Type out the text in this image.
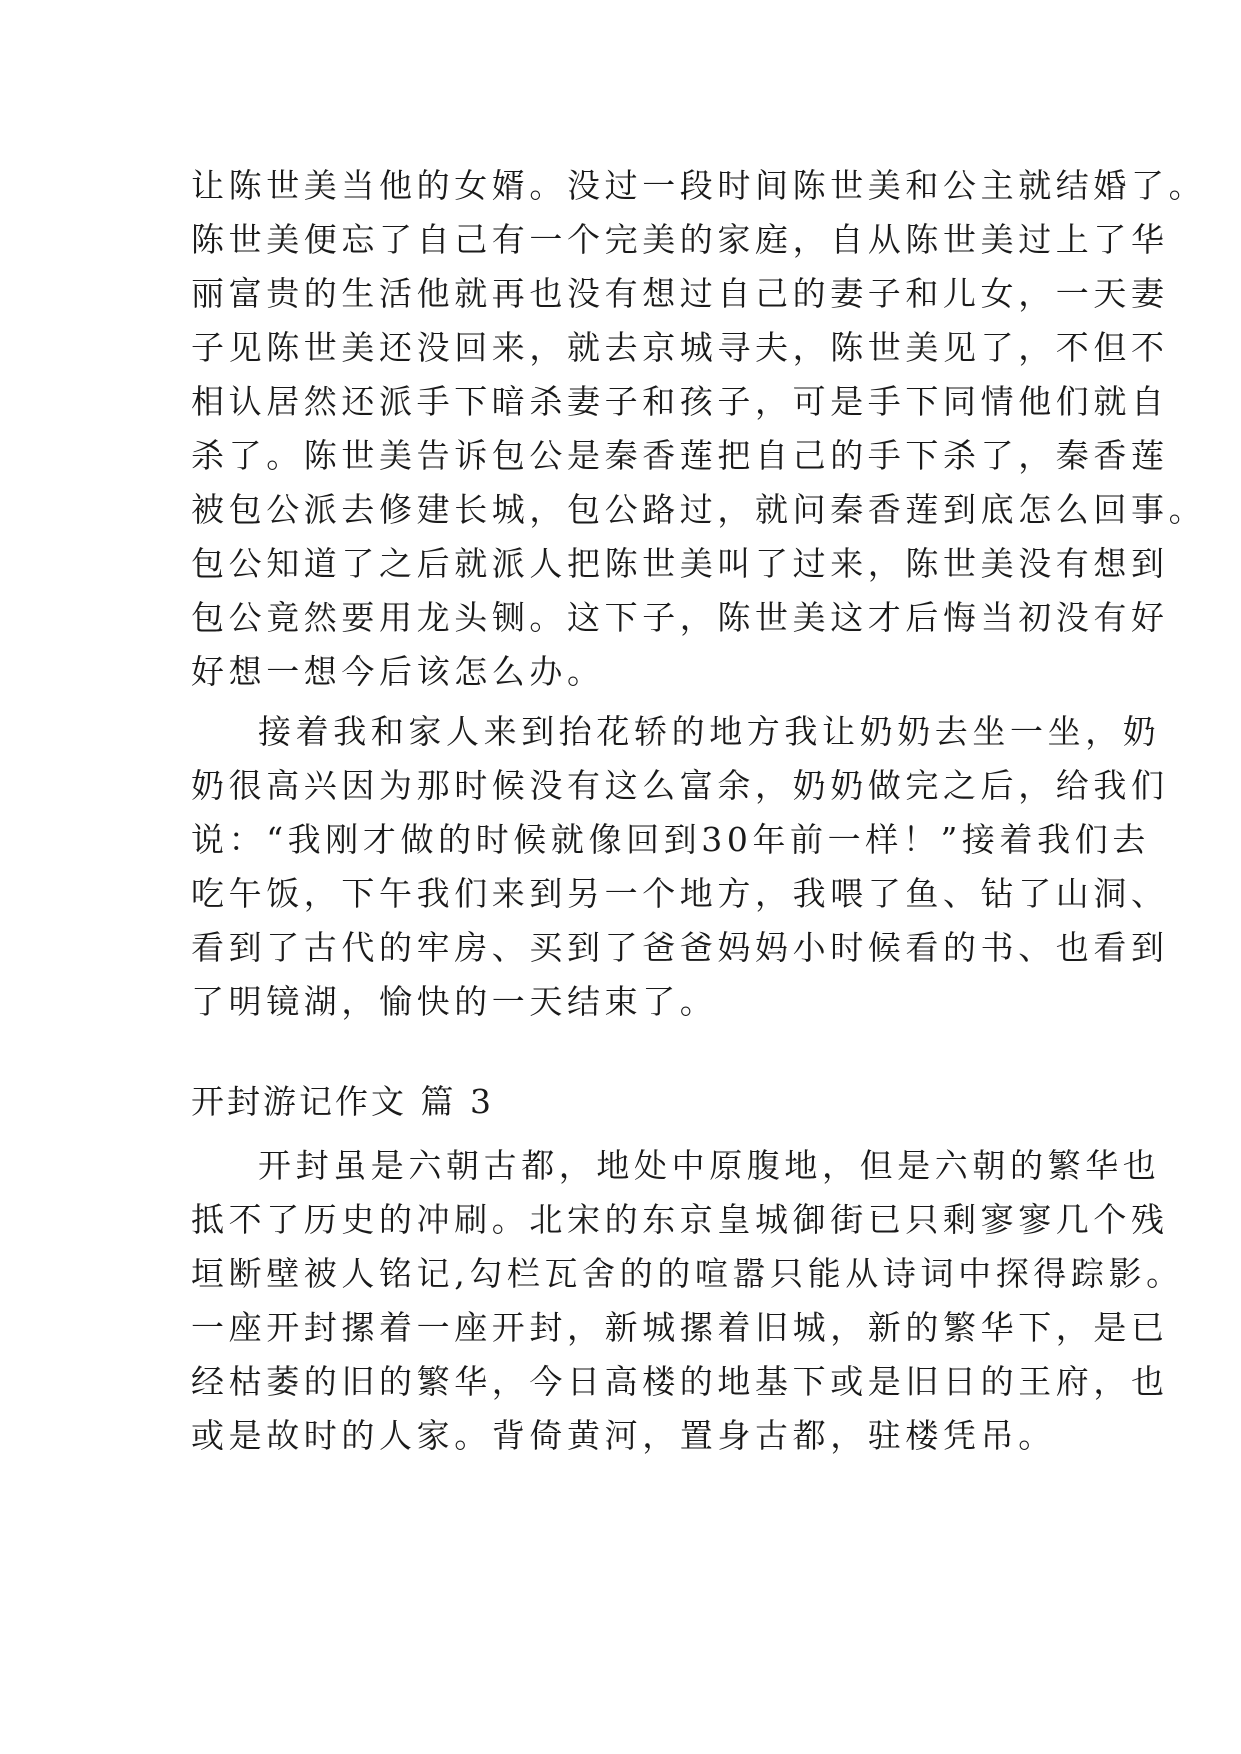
让陈世美当他的女婿。没过一段时间陈世美和公主就结婚了。
陈世美便忘了自己有一个完美的家庭，自从陈世美过上了华
丽富贵的生活他就再也没有想过自己的妻子和儿女，一天妻
子见陈世美还没回来，就去京城寻夫，陈世美见了，不但不
相认居然还派手下暗杀妻子和孩子，可是手下同情他们就自
杀了。陈世美告诉包公是秦香莲把自己的手下杀了，秦香莲
被包公派去修建长城，包公路过，就问秦香莲到底怎么回事。
包公知道了之后就派人把陈世美叫了过来，陈世美没有想到
包公竟然要用龙头铡。这下子，陈世美这才后悔当初没有好
好想一想今后该怎么办。
接着我和家人来到抬花轿的地方我让奶奶去坐一坐，奶
奶很高兴因为那时候没有这么富余，奶奶做完之后，给我们
说：“我刚才做的时候就像回到30年前一样！”接着我们去
吃午饭，下午我们来到另一个地方，我喂了鱼、钻了山洞、
看到了古代的牢房、买到了爸爸妈妈小时候看的书、也看到
了明镜湖，愉快的一天结束了。
开封游记作文 篇 3
开封虽是六朝古都，地处中原腹地，但是六朝的繁华也
抵不了历史的冲刷。北宋的东京皇城御街已只剩寥寥几个残
垣断壁被人铭记,勾栏瓦舍的的喧嚣只能从诗词中探得踪影。
一座开封摞着一座开封，新城摞着旧城，新的繁华下，是已
经枯萎的旧的繁华，今日高楼的地基下或是旧日的王府，也
或是故时的人家。背倚黄河，置身古都，驻楼凭吊。
